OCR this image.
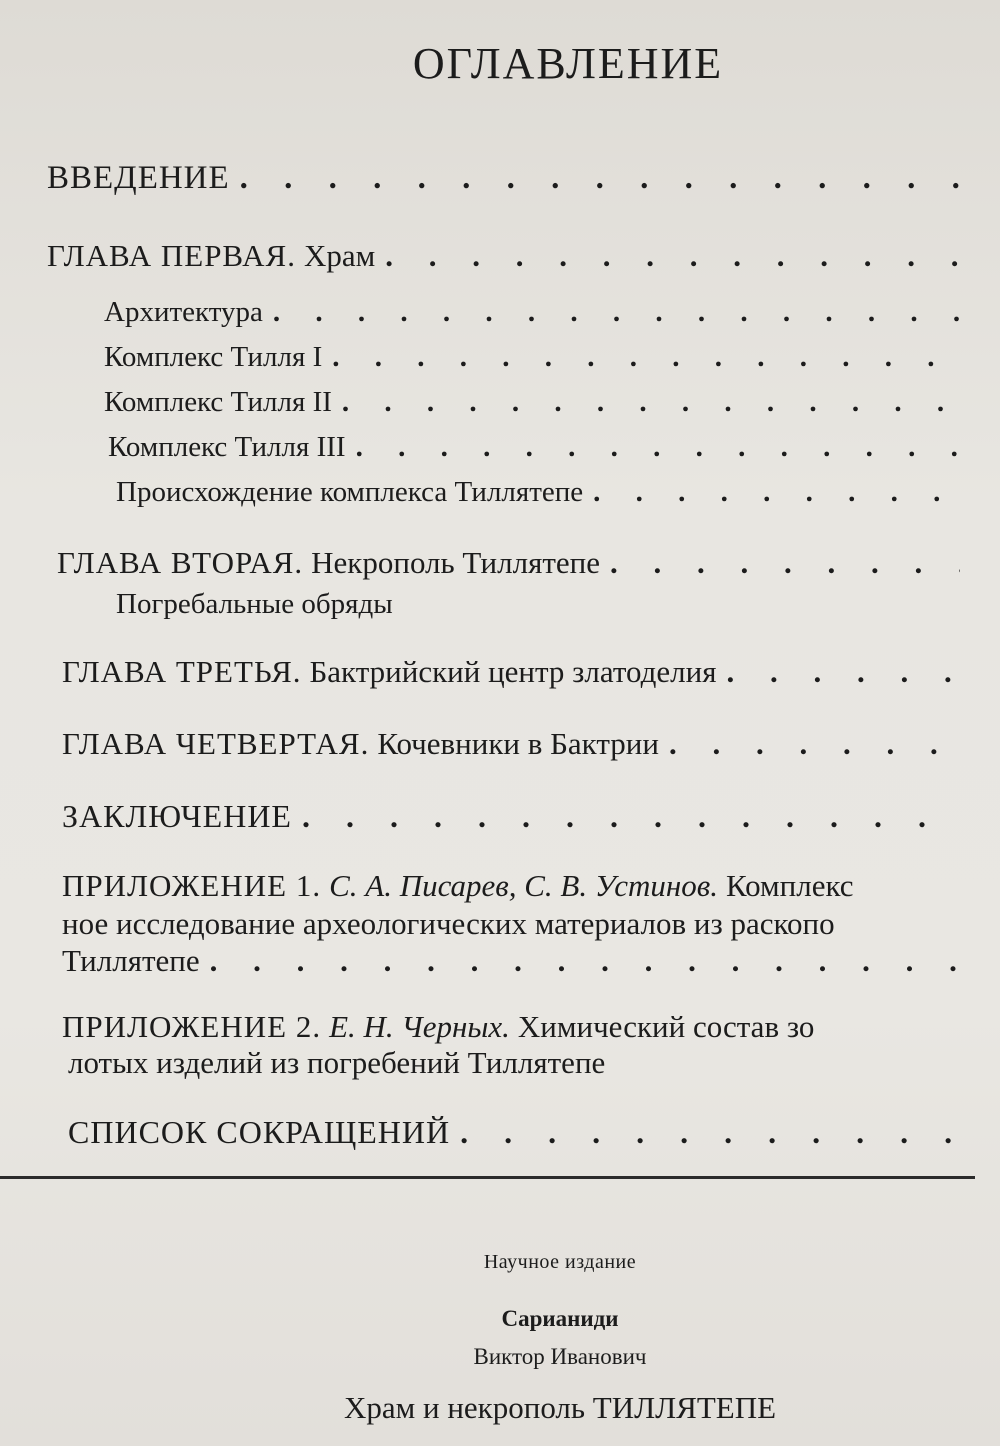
ОГЛАВЛЕНИЕ
ВВЕДЕНИЕ
. . .
ГЛАВА ПЕРВАЯ. Храм
. . .
Архитектура
. . .
Комплекс Тилля I
. . .
Комплекс Тилля II
. . .
Комплекс Тилля III
. . .
Происхождение комплекса Тиллятепе
. . .
ГЛАВА ВТОРАЯ. Некрополь Тиллятепе
. . .
Погребальные обряды
ГЛАВА ТРЕТЬЯ. Бактрийский центр златоделия
. . .
ГЛАВА ЧЕТВЕРТАЯ. Кочевники в Бактрии
. . .
ЗАКЛЮЧЕНИЕ
. . .
ПРИЛОЖЕНИЕ 1. С. А. Писарев, С. В. Устинов. Комплекс
ное исследование археологических материалов из раскопо
Тиллятепе
. . .
ПРИЛОЖЕНИЕ 2. Е. Н. Черных. Химический состав зо
лотых изделий из погребений Тиллятепе
СПИСОК СОКРАЩЕНИЙ
. . .
Научное издание
Сарианиди
Виктор Иванович
Храм и некрополь ТИЛЛЯТЕПЕ
